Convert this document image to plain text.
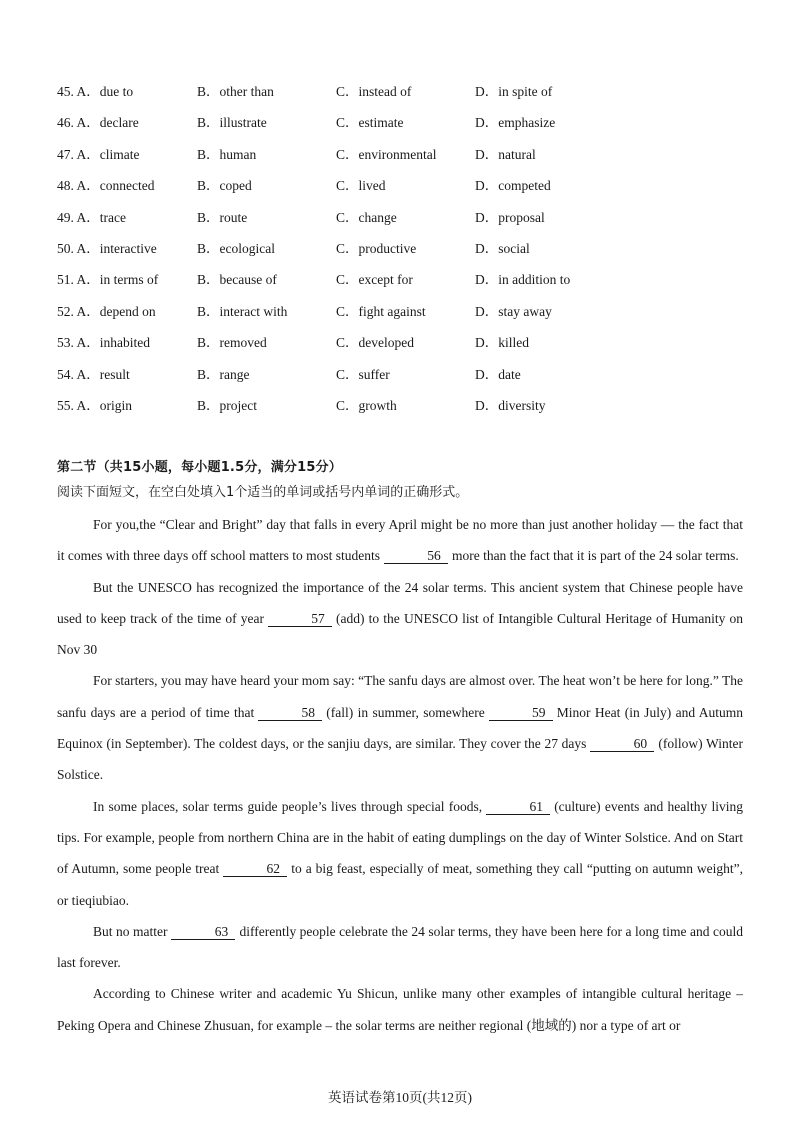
45. A．due to	B．other than	C．instead of	D．in spite of
46. A．declare	B．illustrate	C．estimate	D．emphasize
47. A．climate	B．human	C．environmental	D．natural
48. A．connected	B．coped	C．lived	D．competed
49. A．trace	B．route	C．change	D．proposal
50. A．interactive	B．ecological	C．productive	D．social
51. A．in terms of	B．because of	C．except for	D．in addition to
52. A．depend on	B．interact with	C．fight against	D．stay away
53. A．inhabited	B．removed	C．developed	D．killed
54. A．result	B．range	C．suffer	D．date
55. A．origin	B．project	C．growth	D．diversity
第二节（共15小题，每小题1.5分，满分15分）
阅读下面短文，在空白处填入1个适当的单词或括号内单词的正确形式。

For you,the “Clear and Bright” day that falls in every April might be no more than just another holiday — the fact that it comes with three days off school matters to most students	56 more than the fact that it is part of the 24 solar terms.

But the UNESCO has recognized the importance of the 24 solar terms. This ancient system that Chinese people have used to keep track of the time of year	57 (add) to the UNESCO list of Intangible Cultural Heritage of Humanity on Nov 30

For starters, you may have heard your mom say: “The sanfu days are almost over. The heat won’t be here for long.” The sanfu days are a period of time that	58 (fall) in summer, somewhere	59 Minor Heat (in July) and Autumn Equinox (in September). The coldest days, or the sanjiu days, are similar. They cover the 27 days	60 (follow) Winter Solstice.

In some places, solar terms guide people’s lives through special foods,	61 (culture) events and healthy living tips. For example, people from northern China are in the habit of eating dumplings on the day of Winter Solstice. And on Start of Autumn, some people treat	62 to a big feast, especially of meat, something they call “putting on autumn weight”, or tieqiubiao.

But no matter	63 differently people celebrate the 24 solar terms, they have been here for a long time and could last forever.

According to Chinese writer and academic Yu Shicun, unlike many other examples of intangible cultural heritage – Peking Opera and Chinese Zhusuan, for example – the solar terms are neither regional (地域的) nor a type of art or

英语试卷第10页(共12页)
